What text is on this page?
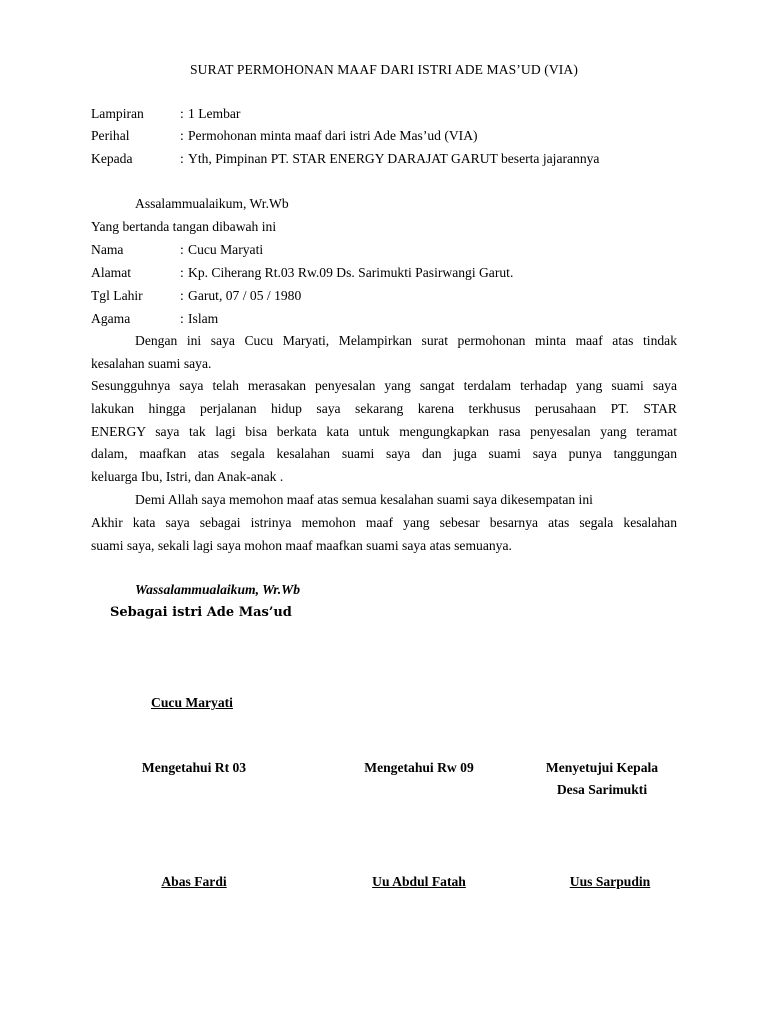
SURAT PERMOHONAN MAAF DARI ISTRI ADE MAS’UD (VIA)
Lampiran	: 1 Lembar
Perihal	: Permohonan minta maaf dari istri Ade Mas’ud (VIA)
Kepada	: Yth, Pimpinan PT. STAR ENERGY DARAJAT GARUT beserta jajarannya
Assalammualaikum, Wr.Wb
Yang bertanda tangan dibawah ini
Nama	: Cucu Maryati
Alamat	: Kp. Ciherang Rt.03 Rw.09 Ds. Sarimukti Pasirwangi Garut.
Tgl Lahir	: Garut, 07 / 05 / 1980
Agama	: Islam
Dengan ini saya Cucu Maryati, Melampirkan surat permohonan minta maaf atas tindak
kesalahan suami saya.
Sesungguhnya saya telah merasakan penyesalan yang sangat terdalam terhadap yang suami saya
lakukan hingga perjalanan hidup saya sekarang karena terkhusus perusahaan PT. STAR
ENERGY saya tak lagi bisa berkata kata untuk mengungkapkan rasa penyesalan yang teramat
dalam, maafkan atas segala kesalahan suami saya dan juga suami saya punya tanggungan
keluarga Ibu, Istri, dan Anak-anak .
Demi Allah saya memohon maaf atas semua kesalahan suami saya dikesempatan ini
Akhir kata saya sebagai istrinya memohon maaf yang sebesar besarnya atas segala kesalahan
suami saya, sekali lagi saya mohon maaf maafkan suami saya atas semuanya.
Wassalammualaikum, Wr.Wb
Sebagai istri Ade Mas’ud
Cucu Maryati
Mengetahui Rt 03	Mengetahui Rw 09	Menyetujui Kepala
Desa Sarimukti
Abas Fardi	Uu Abdul Fatah	Uus Sarpudin
